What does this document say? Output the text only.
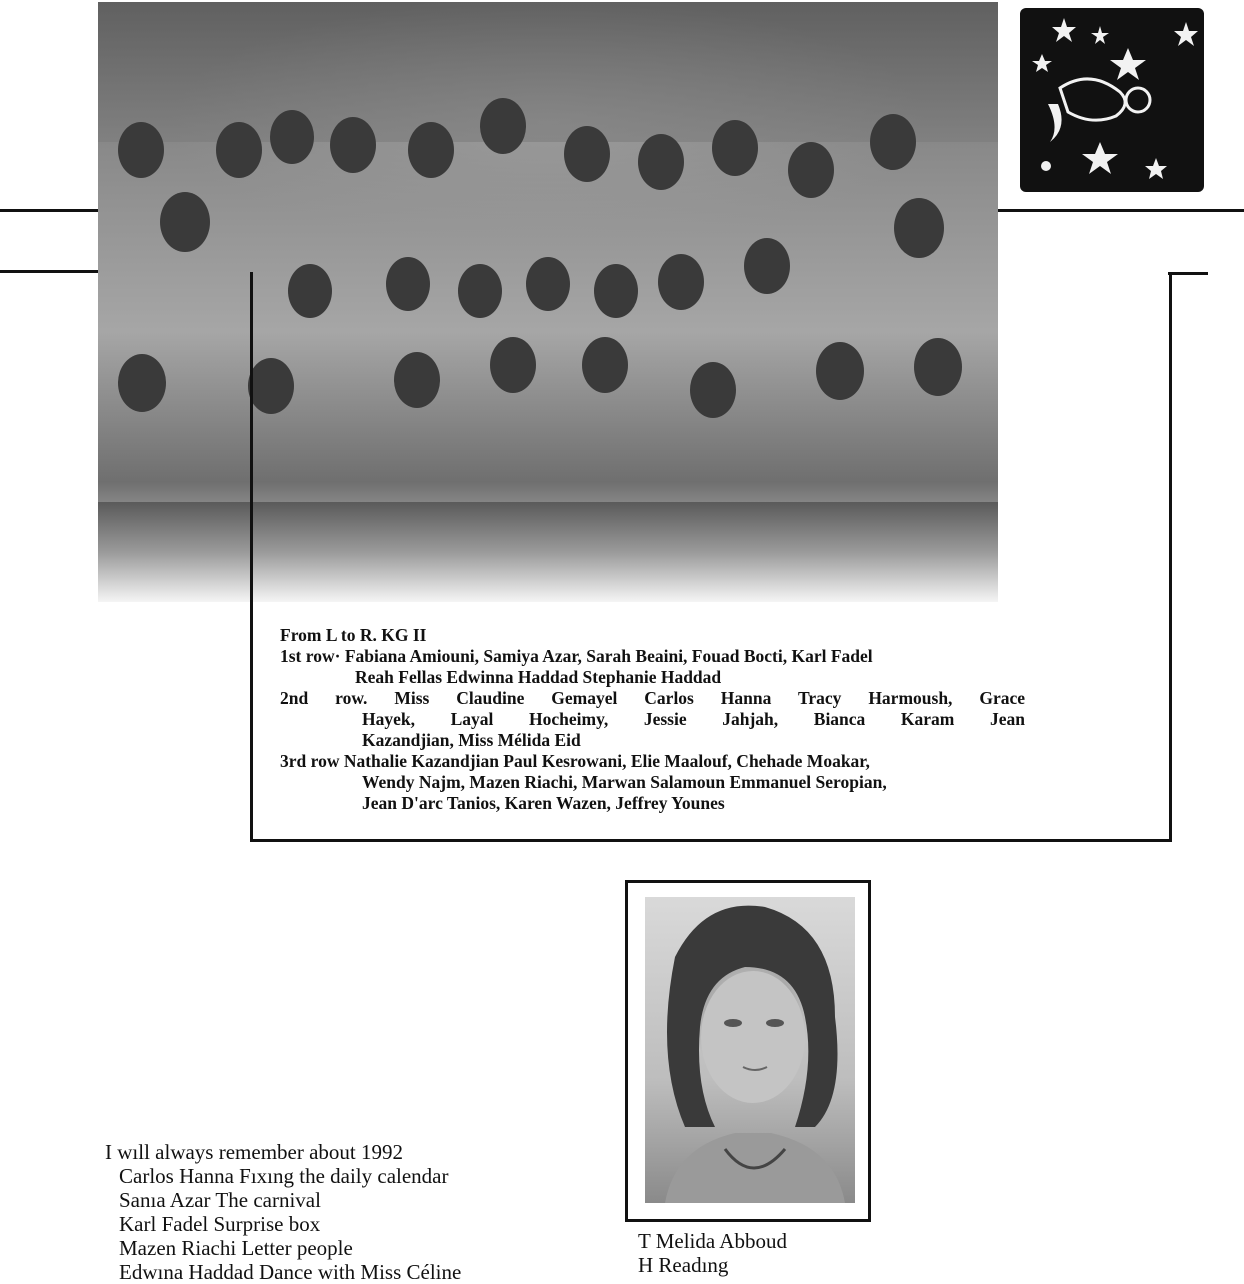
From L to R. KG II
1st row· Fabiana Amiouni, Samiya Azar, Sarah Beaini, Fouad Bocti, Karl Fadel
Reah Fellas Edwinna Haddad Stephanie Haddad
2nd row. Miss Claudine Gemayel Carlos Hanna Tracy Harmoush, Grace
Hayek, Layal Hocheimy, Jessie Jahjah, Bianca Karam Jean
Kazandjian, Miss Mélida Eid
3rd row Nathalie Kazandjian Paul Kesrowani, Elie Maalouf, Chehade Moakar,
Wendy Najm, Mazen Riachi, Marwan Salamoun Emmanuel Seropian,
Jean D'arc Tanios, Karen Wazen, Jeffrey Younes
T Melida Abboud
H Readıng
I wıll always remember about 1992
Carlos Hanna Fıxıng the daily calendar
Sanıa Azar The carnival
Karl Fadel Surprise box
Mazen Riachi Letter people
Edwına Haddad Dance with Miss Céline
